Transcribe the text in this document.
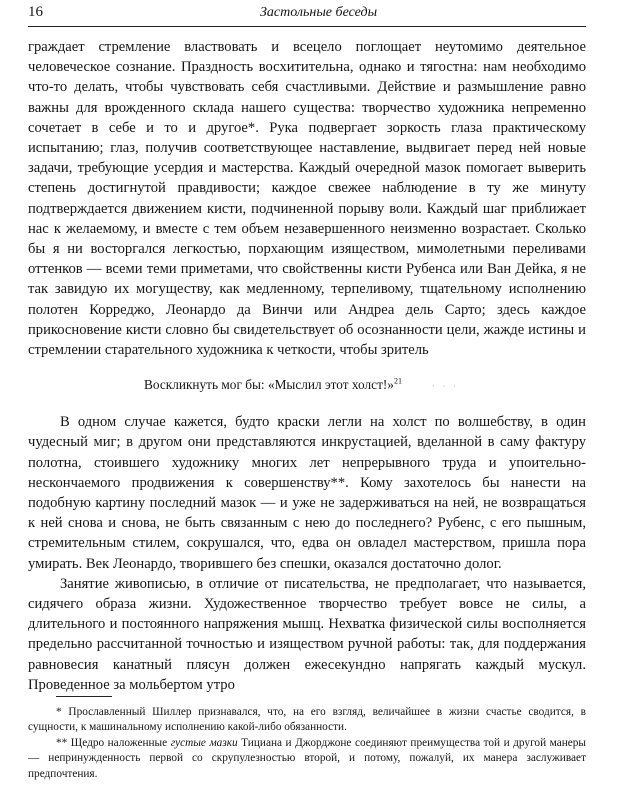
16	Застольные беседы

граждает стремление властвовать и всецело поглощает неутомимо деятельное человеческое сознание. Праздность восхитительна, однако и тягостна: нам необходимо что-то делать, чтобы чувствовать себя счастливыми. Действие и размышление равно важны для врожденного склада нашего существа: творчество художника непременно сочетает в себе и то и другое*. Рука подвергает зоркость глаза практическому испытанию; глаз, получив соответствующее наставление, выдвигает перед ней новые задачи, требующие усердия и мастерства. Каждый очередной мазок помогает выверить степень достигнутой правдивости; каждое свежее наблюдение в ту же минуту подтверждается движением кисти, подчиненной порыву воли. Каждый шаг приближает нас к желаемому, и вместе с тем объем незавершенного неизменно возрастает. Сколько бы я ни восторгался легкостью, порхающим изяществом, мимолетными переливами оттенков — всеми теми приметами, что свойственны кисти Рубенса или Ван Дейка, я не так завидую их могуществу, как медленному, терпеливому, тщательному исполнению полотен Корреджо, Леонардо да Винчи или Андреа дель Сарто; здесь каждое прикосновение кисти словно бы свидетельствует об осознанности цели, жажде истины и стремлении старательного художника к четкости, чтобы зритель

Воскликнуть мог бы: «Мыслил этот холст!»$^{21}$· · ·

В одном случае кажется, будто краски легли на холст по волшебству, в один чудесный миг; в другом они представляются инкрустацией, вделанной в саму фактуру полотна, стоившего художнику многих лет непрерывного труда и упоительно-нескончаемого продвижения к совершенству**. Кому захотелось бы нанести на подобную картину последний мазок — и уже не задерживаться на ней, не возвращаться к ней снова и снова, не быть связанным с нею до последнего? Рубенс, с его пышным, стремительным стилем, сокрушался, что, едва он овладел мастерством, пришла пора умирать. Век Леонардо, творившего без спешки, оказался достаточно долог.

Занятие живописью, в отличие от писательства, не предполагает, что называется, сидячего образа жизни. Художественное творчество требует вовсе не силы, а длительного и постоянного напряжения мышц. Нехватка физической силы восполняется предельно рассчитанной точностью и изяществом ручной работы: так, для поддержания равновесия канатный плясун должен ежесекундно напрягать каждый мускул. Проведенное за мольбертом утро

* Прославленный Шиллер признавался, что, на его взгляд, величайшее в жизни счастье сводится, в сущности, к машинальному исполнению какой-либо обязанности.

** Щедро наложенные густые мазки Тициана и Джорджоне соединяют преимущества той и другой манеры — непринужденность первой со скрупулезностью второй, и потому, пожалуй, их манера заслуживает предпочтения.
